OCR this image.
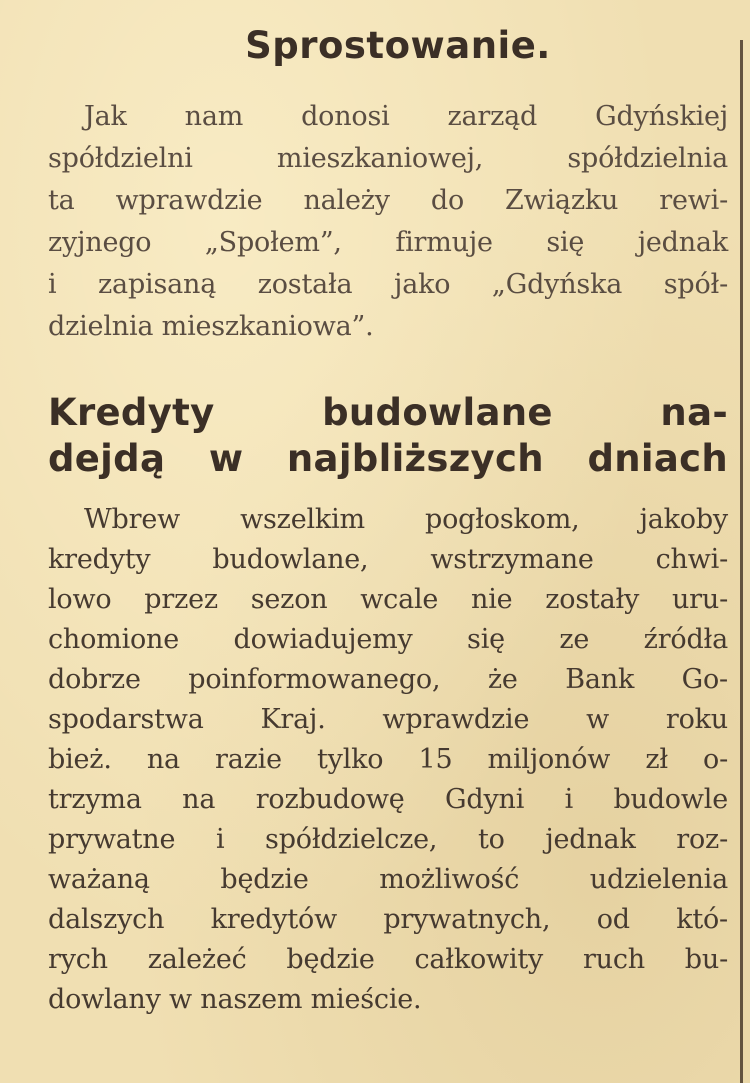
Sprostowanie.
Jak nam donosi zarząd Gdyńskiej
spółdzielni mieszkaniowej, spółdzielnia
ta wprawdzie należy do Związku rewi-
zyjnego „Społem”, firmuje się jednak
i zapisaną została jako „Gdyńska spół-
dzielnia mieszkaniowa”.
Kredyty budowlane na-
dejdą w najbliższych dniach
Wbrew wszelkim pogłoskom, jakoby
kredyty budowlane, wstrzymane chwi-
lowo przez sezon wcale nie zostały uru-
chomione dowiadujemy się ze źródła
dobrze poinformowanego, że Bank Go-
spodarstwa Kraj. wprawdzie w roku
bież. na razie tylko 15 miljonów zł o-
trzyma na rozbudowę Gdyni i budowle
prywatne i spółdzielcze, to jednak roz-
ważaną będzie możliwość udzielenia
dalszych kredytów prywatnych, od któ-
rych zależeć będzie całkowity ruch bu-
dowlany w naszem mieście.
